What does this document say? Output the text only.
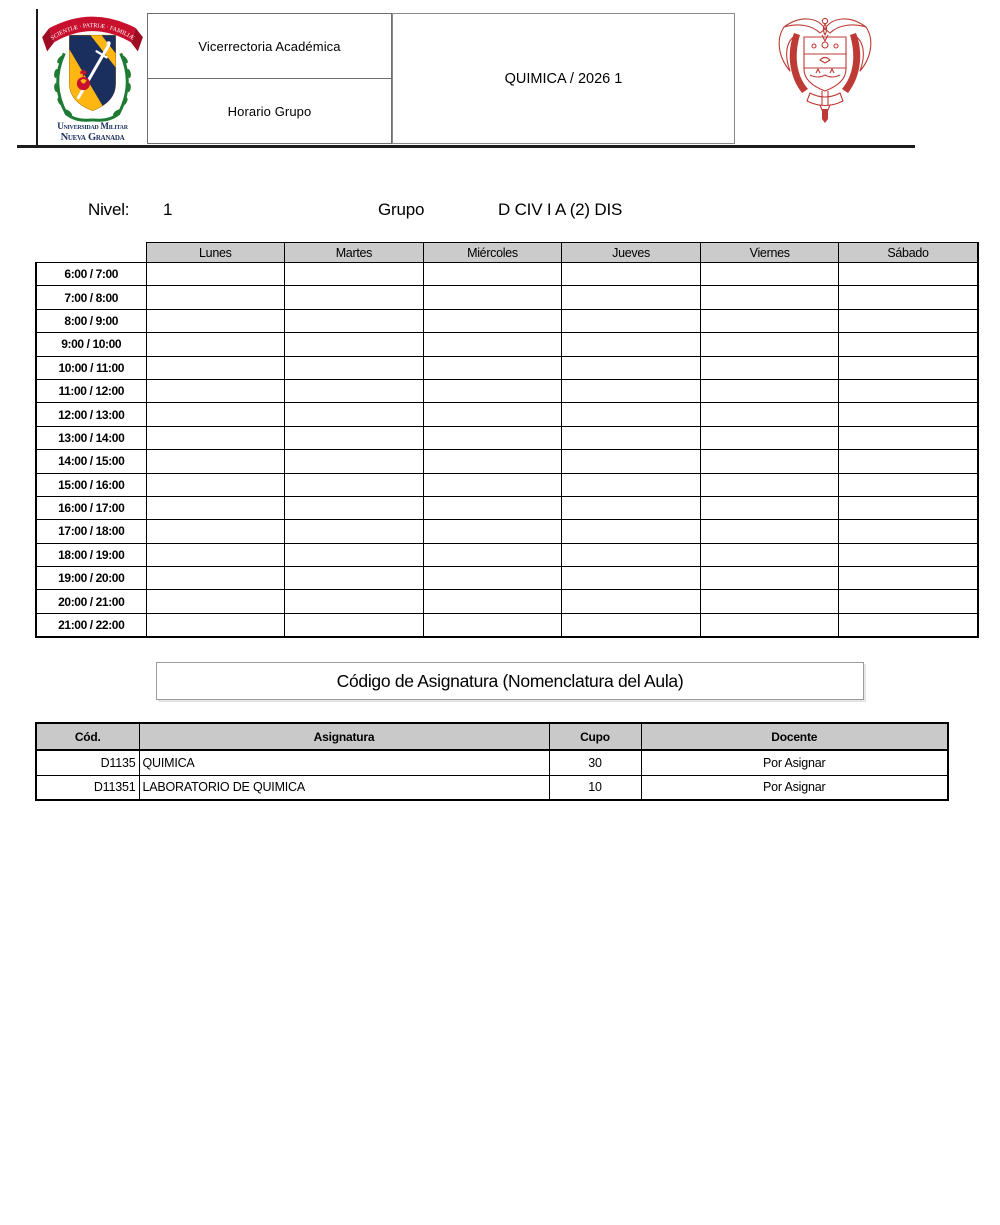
SCIENTIÆ · PATRIÆ · FAMILIÆ
Universidad Militar
Nueva Granada
Vicerrectoria Académica
Horario Grupo
QUIMICA / 2026 1
Nivel: 1	Grupo	D CIV I A (2) DIS
	Lunes	Martes	Miércoles	Jueves	Viernes	Sábado
6:00 / 7:00						
7:00 / 8:00						
8:00 / 9:00						
9:00 / 10:00						
10:00 / 11:00						
11:00 / 12:00						
12:00 / 13:00						
13:00 / 14:00						
14:00 / 15:00						
15:00 / 16:00						
16:00 / 17:00						
17:00 / 18:00						
18:00 / 19:00						
19:00 / 20:00						
20:00 / 21:00						
21:00 / 22:00						
Código de Asignatura (Nomenclatura del Aula)
Cód.	Asignatura	Cupo	Docente
D1135	QUIMICA	30	Por Asignar
D11351	LABORATORIO DE QUIMICA	10	Por Asignar
